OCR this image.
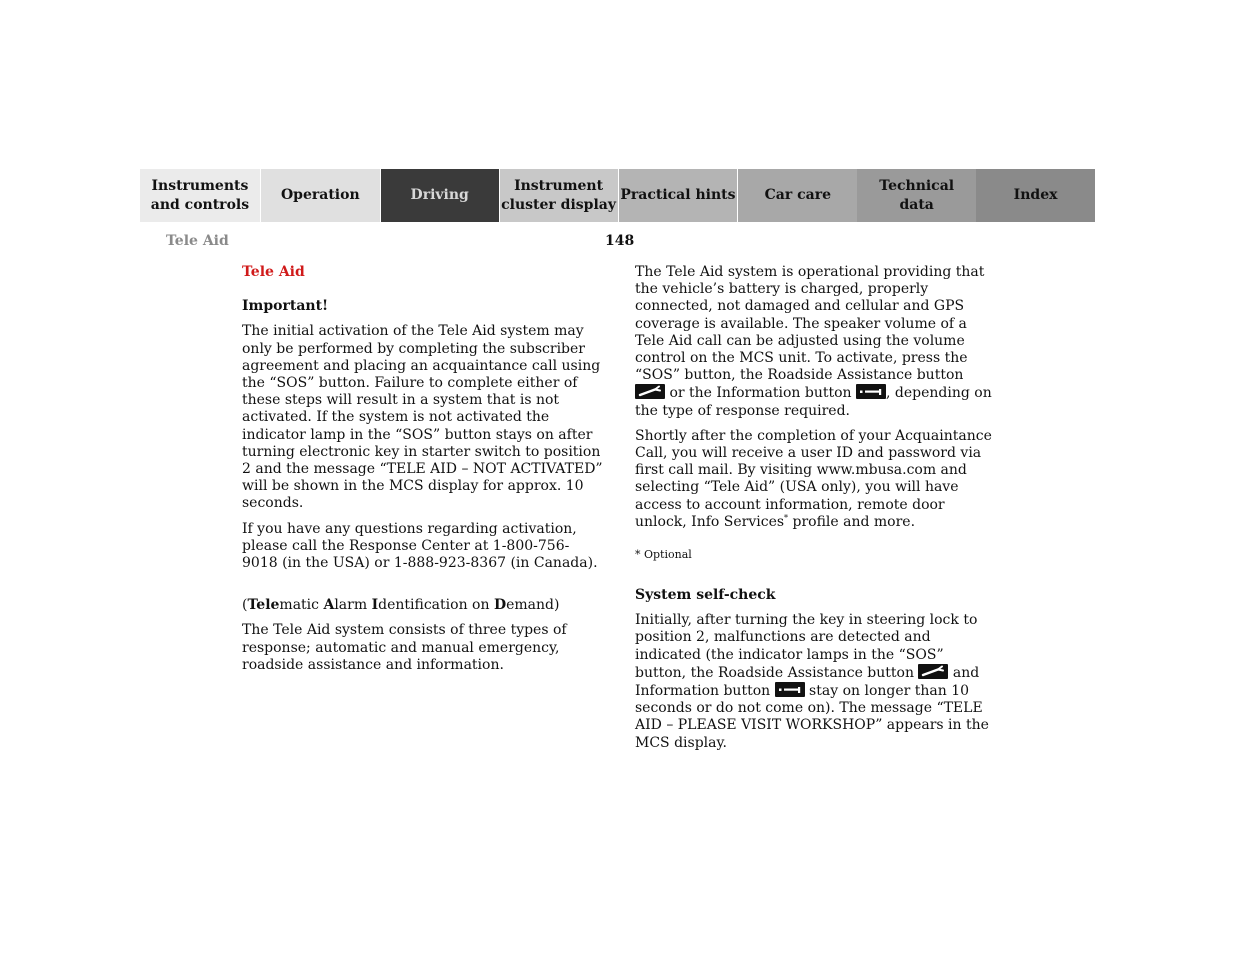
Instruments
and controls
Operation	Driving
Instrument
cluster display
Practical hints	Car care
Technical
data
Index
Tele Aid	148

Tele Aid

Important!

The initial activation of the Tele Aid system may only be performed by completing the subscriber agreement and placing an acquaintance call using the “SOS” button. Failure to complete either of these steps will result in a system that is not activated. If the system is not activated the indicator lamp in the “SOS” button stays on after turning electronic key in starter switch to position 2 and the message “TELE AID – NOT ACTIVATED” will be shown in the MCS display for approx. 10 seconds.

If you have any questions regarding activation, please call the Response Center at 1-800-756-9018 (in the USA) or 1-888-923-8367 (in Canada).

(Telematic Alarm Identification on Demand)

The Tele Aid system consists of three types of response; automatic and manual emergency, roadside assistance and information.

The Tele Aid system is operational providing that the vehicle’s battery is charged, properly connected, not damaged and cellular and GPS coverage is available. The speaker volume of a Tele Aid call can be adjusted using the volume control on the MCS unit. To activate, press the “SOS” button, the Roadside Assistance button
or the Information button
, depending on the type of response required.

Shortly after the completion of your Acquaintance Call, you will receive a user ID and password via first call mail. By visiting www.mbusa.com and selecting “Tele Aid” (USA only), you will have access to account information, remote door unlock, Info Services* profile and more.

* Optional

System self-check

Initially, after turning the key in steering lock to position 2, malfunctions are detected and indicated (the indicator lamps in the “SOS” button, the Roadside Assistance button
and Information button
stay on longer than 10 seconds or do not come on). The message “TELE AID – PLEASE VISIT WORKSHOP” appears in the MCS display.
